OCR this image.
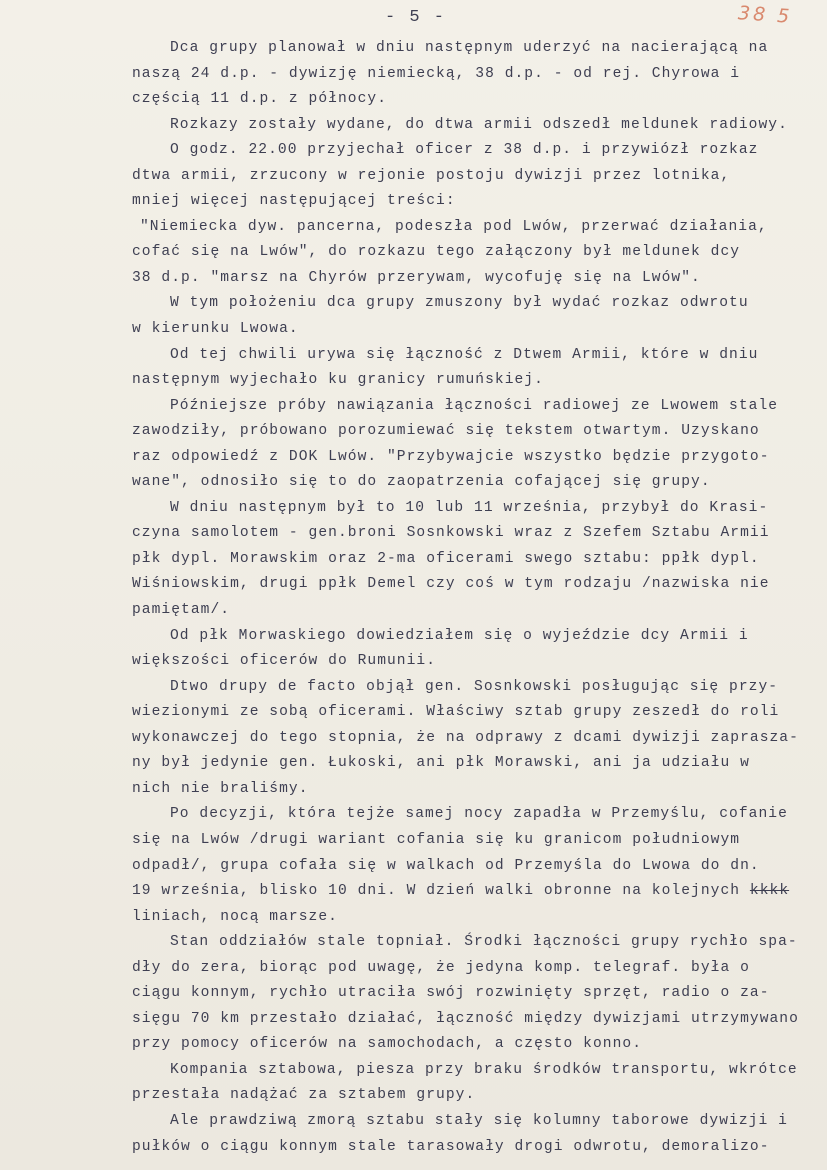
- 5 -	38 5
Dca grupy planował w dniu następnym uderzyć na nacierającą na
naszą 24 d.p. - dywizję niemiecką, 38 d.p. - od rej. Chyrowa i
częścią 11 d.p. z północy.
Rozkazy zostały wydane, do dtwa armii odszedł meldunek radiowy.
O godz. 22.00 przyjechał oficer z 38 d.p. i przywiózł rozkaz
dtwa armii, zrzucony w rejonie postoju dywizji przez lotnika,
mniej więcej następującej treści:
"Niemiecka dyw. pancerna, podeszła pod Lwów, przerwać działania,
cofać się na Lwów", do rozkazu tego załączony był meldunek dcy
38 d.p. "marsz na Chyrów przerywam, wycofuję się na Lwów".
W tym położeniu dca grupy zmuszony był wydać rozkaz odwrotu
w kierunku Lwowa.
Od tej chwili urywa się łączność z Dtwem Armii, które w dniu
następnym wyjechało ku granicy rumuńskiej.
Późniejsze próby nawiązania łączności radiowej ze Lwowem stale
zawodziły, próbowano porozumiewać się tekstem otwartym. Uzyskano
raz odpowiedź z DOK Lwów. "Przybywajcie wszystko będzie przygoto-
wane", odnosiło się to do zaopatrzenia cofającej się grupy.
W dniu następnym był to 10 lub 11 września, przybył do Krasi-
czyna samolotem - gen.broni Sosnkowski wraz z Szefem Sztabu Armii
płk dypl. Morawskim oraz 2-ma oficerami swego sztabu: ppłk dypl.
Wiśniowskim, drugi ppłk Demel czy coś w tym rodzaju /nazwiska nie
pamiętam/.
Od płk Morwaskiego dowiedziałem się o wyjeździe dcy Armii i
większości oficerów do Rumunii.
Dtwo drupy de facto objął gen. Sosnkowski posługując się przy-
wiezionymi ze sobą oficerami. Właściwy sztab grupy zeszedł do roli
wykonawczej do tego stopnia, że na odprawy z dcami dywizji zaprasza-
ny był jedynie gen. Łukoski, ani płk Morawski, ani ja udziału w
nich nie braliśmy.
Po decyzji, która tejże samej nocy zapadła w Przemyślu, cofanie
się na Lwów /drugi wariant cofania się ku granicom południowym
odpadł/, grupa cofała się w walkach od Przemyśla do Lwowa do dn.
19 września, blisko 10 dni. W dzień walki obronne na kolejnych kkkk
liniach, nocą marsze.
Stan oddziałów stale topniał. Środki łączności grupy rychło spa-
dły do zera, biorąc pod uwagę, że jedyna komp. telegraf. była o
ciągu konnym, rychło utraciła swój rozwinięty sprzęt, radio o za-
sięgu 70 km przestało działać, łączność między dywizjami utrzymywano
przy pomocy oficerów na samochodach, a często konno.
Kompania sztabowa, piesza przy braku środków transportu, wkrótce
przestała nadążać za sztabem grupy.
Ale prawdziwą zmorą sztabu stały się kolumny taborowe dywizji i
pułków o ciągu konnym stale tarasowały drogi odwrotu, demoralizo-
